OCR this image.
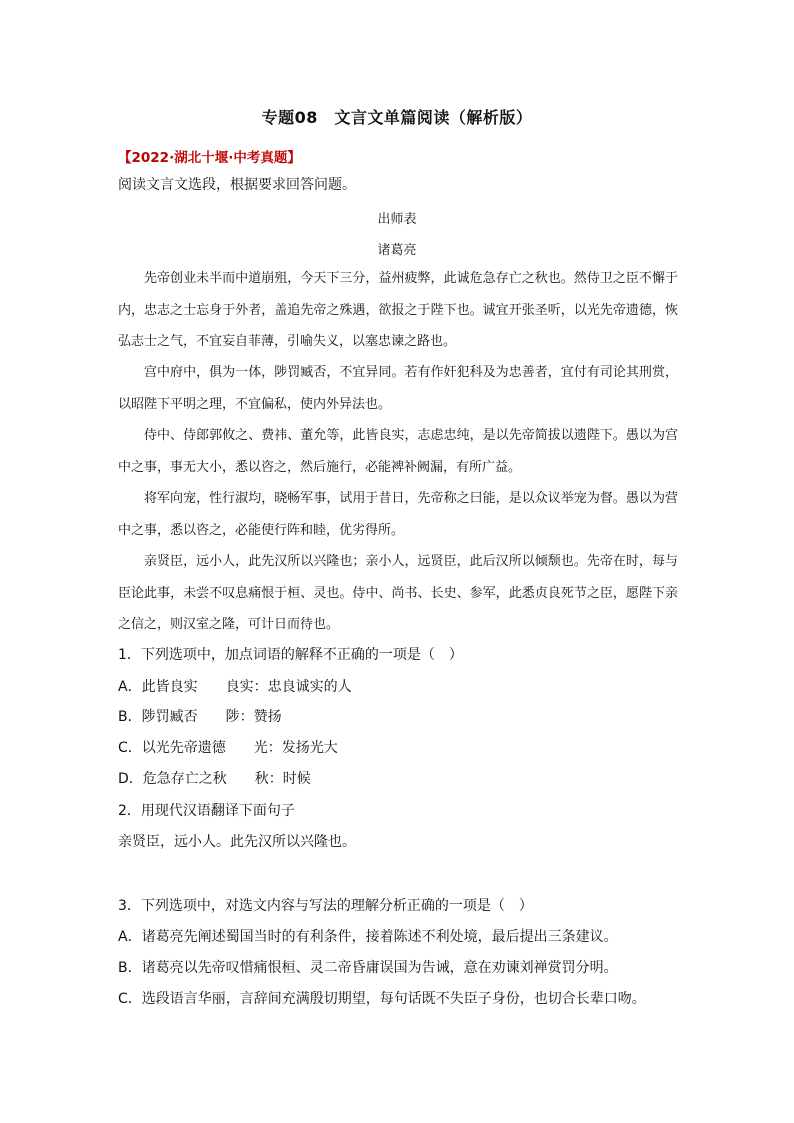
专题08　文言文单篇阅读（解析版）
【2022·湖北十堰·中考真题】
阅读文言文选段，根据要求回答问题。
出师表
诸葛亮

先帝创业未半而中道崩殂，今天下三分，益州疲弊，此诚危急存亡之秋也。然侍卫之臣不懈于内，忠志之士忘身于外者，盖追先帝之殊遇，欲报之于陛下也。诚宜开张圣听，以光先帝遗德，恢弘志士之气，不宜妄自菲薄，引喻失义，以塞忠谏之路也。

宫中府中，俱为一体，陟罚臧否，不宜异同。若有作奸犯科及为忠善者，宜付有司论其刑赏，以昭陛下平明之理，不宜偏私，使内外异法也。

侍中、侍郎郭攸之、费祎、董允等，此皆良实，志虑忠纯，是以先帝简拔以遗陛下。愚以为宫中之事，事无大小，悉以咨之，然后施行，必能裨补阙漏，有所广益。

将军向宠，性行淑均，晓畅军事，试用于昔日，先帝称之曰能，是以众议举宠为督。愚以为营中之事，悉以咨之，必能使行阵和睦，优劣得所。

亲贤臣，远小人，此先汉所以兴隆也；亲小人，远贤臣，此后汉所以倾颓也。先帝在时，每与臣论此事，未尝不叹息痛恨于桓、灵也。侍中、尚书、长史、参军，此悉贞良死节之臣，愿陛下亲之信之，则汉室之隆，可计日而待也。

1．下列选项中，加点词语的解释不正确的一项是（　）
A．此皆良实 良实：忠良诚实的人
B．陟罚臧否 陟：赞扬
C．以光先帝遗德 光：发扬光大
D．危急存亡之秋 秋：时候
2．用现代汉语翻译下面句子
亲贤臣，远小人。此先汉所以兴隆也。
3．下列选项中，对选文内容与写法的理解分析正确的一项是（　）
A．诸葛亮先阐述蜀国当时的有利条件，接着陈述不利处境，最后提出三条建议。
B．诸葛亮以先帝叹惜痛恨桓、灵二帝昏庸误国为告诫，意在劝谏刘禅赏罚分明。
C．选段语言华丽，言辞间充满殷切期望，每句话既不失臣子身份，也切合长辈口吻。
